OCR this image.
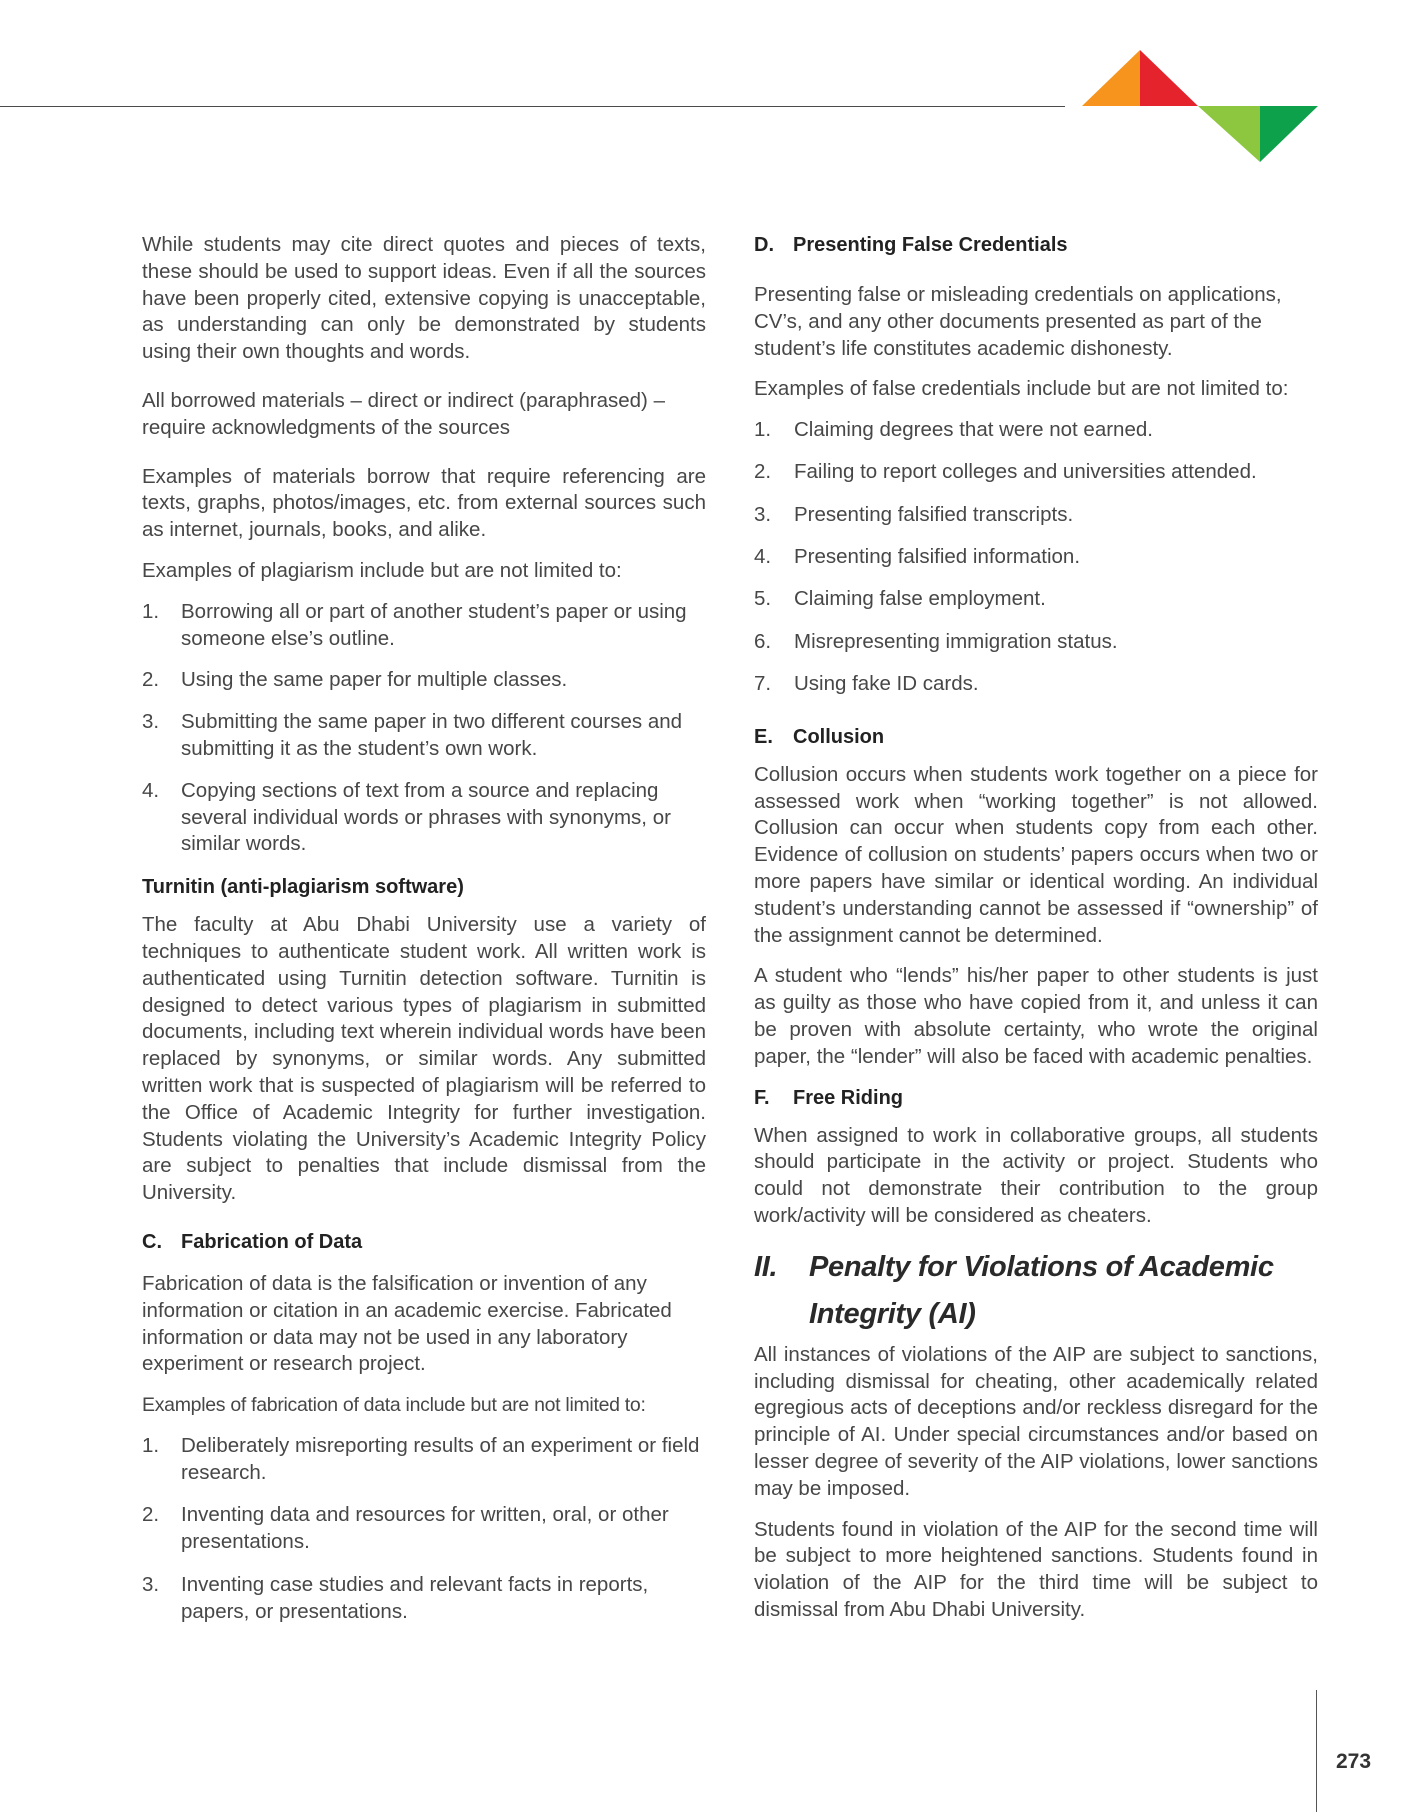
While students may cite direct quotes and pieces of texts, these should be used to support ideas. Even if all the sources have been properly cited, extensive copying is unacceptable, as understanding can only be demonstrated by students using their own thoughts and words.

All borrowed materials – direct or indirect (paraphrased) – require acknowledgments of the sources

Examples of materials borrow that require referencing are texts, graphs, photos/images, etc. from external sources such as internet, journals, books, and alike.

Examples of plagiarism include but are not limited to:

1. Borrowing all or part of another student’s paper or using someone else’s outline.
2. Using the same paper for multiple classes.
3. Submitting the same paper in two different courses and submitting it as the student’s own work.
4. Copying sections of text from a source and replacing several individual words or phrases with synonyms, or similar words.
Turnitin (anti-plagiarism software)

The faculty at Abu Dhabi University use a variety of techniques to authenticate student work. All written work is authenticated using Turnitin detection software. Turnitin is designed to detect various types of plagiarism in submitted documents, including text wherein individual words have been replaced by synonyms, or similar words. Any submitted written work that is suspected of plagiarism will be referred to the Office of Academic Integrity for further investigation. Students violating the University’s Academic Integrity Policy are subject to penalties that include dismissal from the University.

C. Fabrication of Data

Fabrication of data is the falsification or invention of any information or citation in an academic exercise. Fabricated information or data may not be used in any laboratory experiment or research project.

Examples of fabrication of data include but are not limited to:

1. Deliberately misreporting results of an experiment or field research.
2. Inventing data and resources for written, oral, or other presentations.
3. Inventing case studies and relevant facts in reports, papers, or presentations.
D. Presenting False Credentials

Presenting false or misleading credentials on applications, CV’s, and any other documents presented as part of the student’s life constitutes academic dishonesty.

Examples of false credentials include but are not limited to:

1. Claiming degrees that were not earned.
2. Failing to report colleges and universities attended.
3. Presenting falsified transcripts.
4. Presenting falsified information.
5. Claiming false employment.
6. Misrepresenting immigration status.
7. Using fake ID cards.
E. Collusion

Collusion occurs when students work together on a piece for assessed work when “working together” is not allowed. Collusion can occur when students copy from each other. Evidence of collusion on students’ papers occurs when two or more papers have similar or identical wording. An individual student’s understanding cannot be assessed if “ownership” of the assignment cannot be determined.

A student who “lends” his/her paper to other students is just as guilty as those who have copied from it, and unless it can be proven with absolute certainty, who wrote the original paper, the “lender” will also be faced with academic penalties.

F. Free Riding

When assigned to work in collaborative groups, all students should participate in the activity or project. Students who could not demonstrate their contribution to the group work/activity will be considered as cheaters.

II. Penalty for Violations of Academic
Integrity (AI)

All instances of violations of the AIP are subject to sanctions, including dismissal for cheating, other academically related egregious acts of deceptions and/or reckless disregard for the principle of AI. Under special circumstances and/or based on lesser degree of severity of the AIP violations, lower sanctions may be imposed.

Students found in violation of the AIP for the second time will be subject to more heightened sanctions. Students found in violation of the AIP for the third time will be subject to dismissal from Abu Dhabi University.

273
